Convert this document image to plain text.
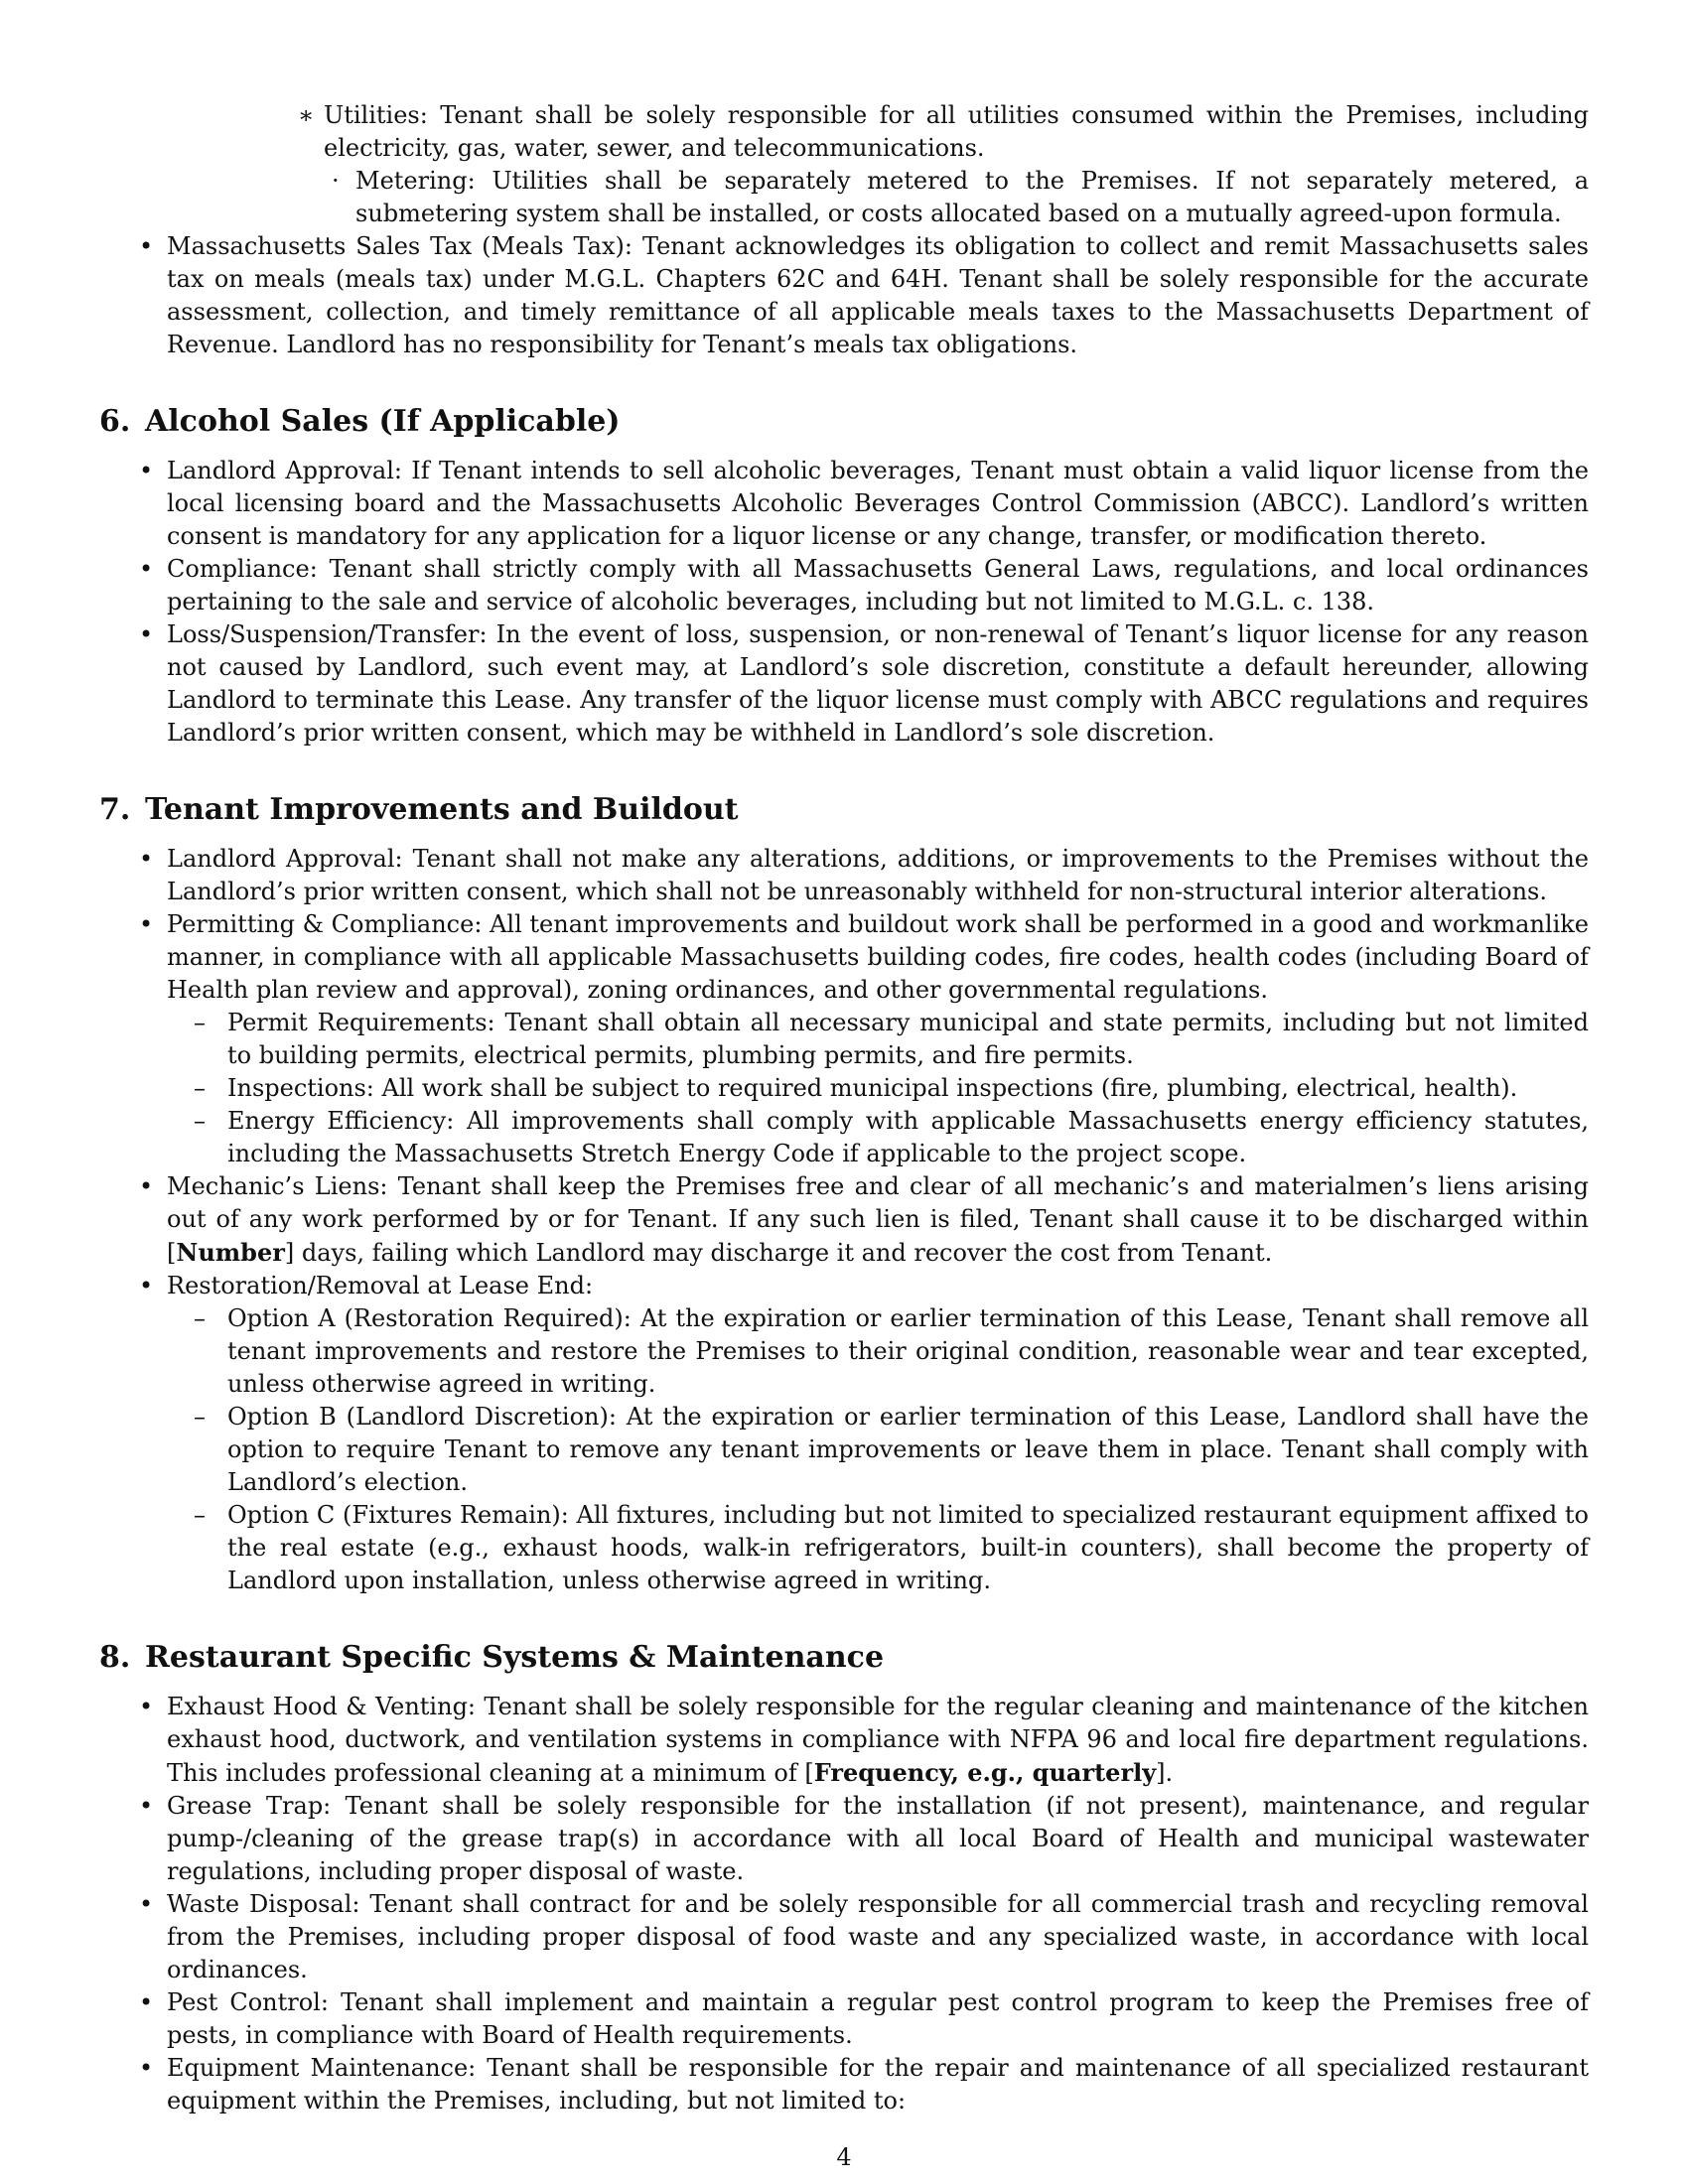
∗ Utilities: Tenant shall be solely responsible for all utilities consumed within the Premises, including electricity, gas, water, sewer, and telecommunications.
· Metering: Utilities shall be separately metered to the Premises. If not separately metered, a submetering system shall be installed, or costs allocated based on a mutually agreed-upon formula.
• Massachusetts Sales Tax (Meals Tax): Tenant acknowledges its obligation to collect and remit Massachusetts sales tax on meals (meals tax) under M.G.L. Chapters 62C and 64H. Tenant shall be solely responsible for the accurate assessment, collection, and timely remittance of all applicable meals taxes to the Massachusetts Department of Revenue. Landlord has no responsibility for Tenant’s meals tax obligations.
6. Alcohol Sales (If Applicable)
• Landlord Approval: If Tenant intends to sell alcoholic beverages, Tenant must obtain a valid liquor license from the local licensing board and the Massachusetts Alcoholic Beverages Control Commission (ABCC). Landlord’s written consent is mandatory for any application for a liquor license or any change, transfer, or modification thereto.
• Compliance: Tenant shall strictly comply with all Massachusetts General Laws, regulations, and local ordinances pertaining to the sale and service of alcoholic beverages, including but not limited to M.G.L. c. 138.
• Loss/Suspension/Transfer: In the event of loss, suspension, or non-renewal of Tenant’s liquor license for any reason not caused by Landlord, such event may, at Landlord’s sole discretion, constitute a default hereunder, allowing Landlord to terminate this Lease. Any transfer of the liquor license must comply with ABCC regulations and requires Landlord’s prior written consent, which may be withheld in Landlord’s sole discretion.
7. Tenant Improvements and Buildout
• Landlord Approval: Tenant shall not make any alterations, additions, or improvements to the Premises without the Landlord’s prior written consent, which shall not be unreasonably withheld for non-structural interior alterations.
• Permitting & Compliance: All tenant improvements and buildout work shall be performed in a good and workmanlike manner, in compliance with all applicable Massachusetts building codes, fire codes, health codes (including Board of Health plan review and approval), zoning ordinances, and other governmental regulations.
– Permit Requirements: Tenant shall obtain all necessary municipal and state permits, including but not limited to building permits, electrical permits, plumbing permits, and fire permits.
– Inspections: All work shall be subject to required municipal inspections (fire, plumbing, electrical, health).
– Energy Efficiency: All improvements shall comply with applicable Massachusetts energy efficiency statutes, including the Massachusetts Stretch Energy Code if applicable to the project scope.
• Mechanic’s Liens: Tenant shall keep the Premises free and clear of all mechanic’s and materialmen’s liens arising out of any work performed by or for Tenant. If any such lien is filed, Tenant shall cause it to be discharged within [Number] days, failing which Landlord may discharge it and recover the cost from Tenant.
• Restoration/Removal at Lease End:
– Option A (Restoration Required): At the expiration or earlier termination of this Lease, Tenant shall remove all tenant improvements and restore the Premises to their original condition, reasonable wear and tear excepted, unless otherwise agreed in writing.
– Option B (Landlord Discretion): At the expiration or earlier termination of this Lease, Landlord shall have the option to require Tenant to remove any tenant improvements or leave them in place. Tenant shall comply with Landlord’s election.
– Option C (Fixtures Remain): All fixtures, including but not limited to specialized restaurant equipment affixed to the real estate (e.g., exhaust hoods, walk-in refrigerators, built-in counters), shall become the property of Landlord upon installation, unless otherwise agreed in writing.
8. Restaurant Specific Systems & Maintenance
• Exhaust Hood & Venting: Tenant shall be solely responsible for the regular cleaning and maintenance of the kitchen exhaust hood, ductwork, and ventilation systems in compliance with NFPA 96 and local fire department regulations. This includes professional cleaning at a minimum of [Frequency, e.g., quarterly].
• Grease Trap: Tenant shall be solely responsible for the installation (if not present), maintenance, and regular pump-/cleaning of the grease trap(s) in accordance with all local Board of Health and municipal wastewater regulations, including proper disposal of waste.
• Waste Disposal: Tenant shall contract for and be solely responsible for all commercial trash and recycling removal from the Premises, including proper disposal of food waste and any specialized waste, in accordance with local ordinances.
• Pest Control: Tenant shall implement and maintain a regular pest control program to keep the Premises free of pests, in compliance with Board of Health requirements.
• Equipment Maintenance: Tenant shall be responsible for the repair and maintenance of all specialized restaurant equipment within the Premises, including, but not limited to:
4
